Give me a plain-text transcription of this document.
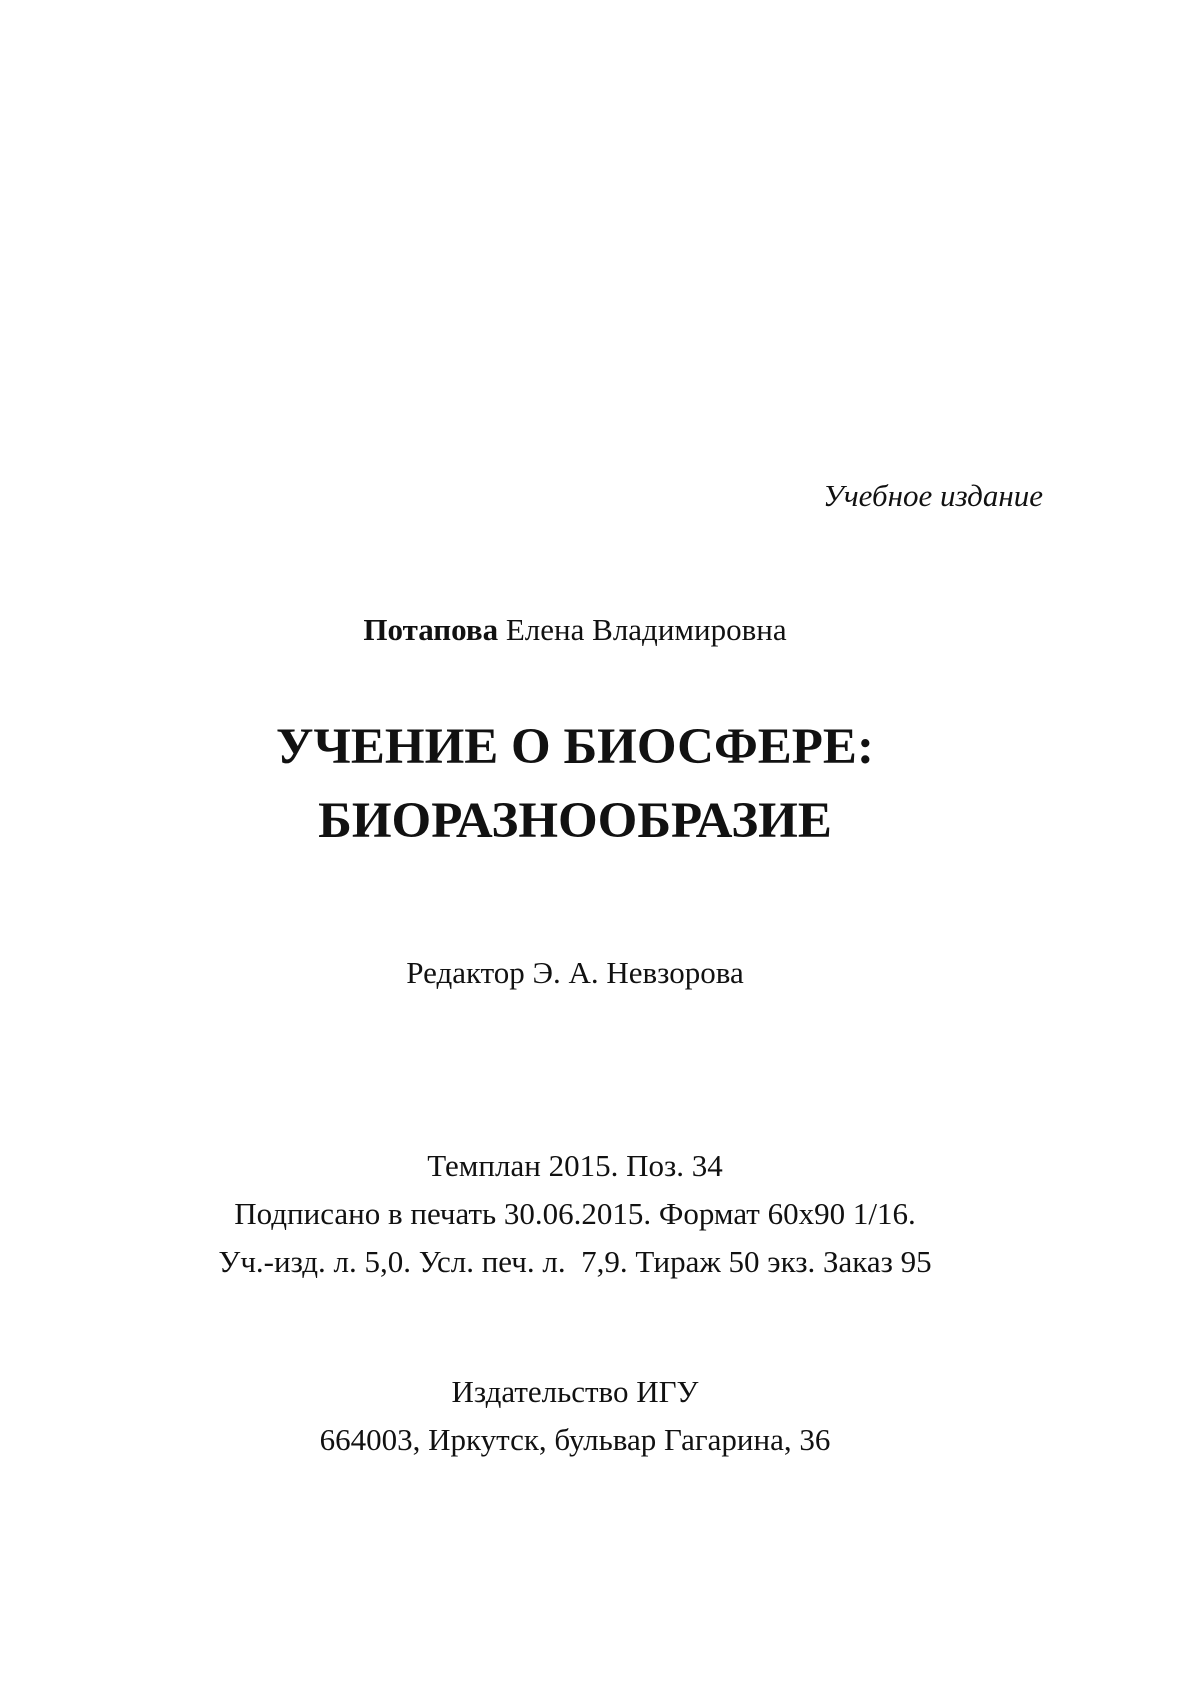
Учебное издание
Потапова Елена Владимировна
УЧЕНИЕ О БИОСФЕРЕ:
БИОРАЗНООБРАЗИЕ
Редактор Э. А. Невзорова
Темплан 2015. Поз. 34
Подписано в печать 30.06.2015. Формат 60х90 1/16.
Уч.-изд. л. 5,0. Усл. печ. л.  7,9. Тираж 50 экз. Заказ 95
Издательство ИГУ
664003, Иркутск, бульвар Гагарина, 36
